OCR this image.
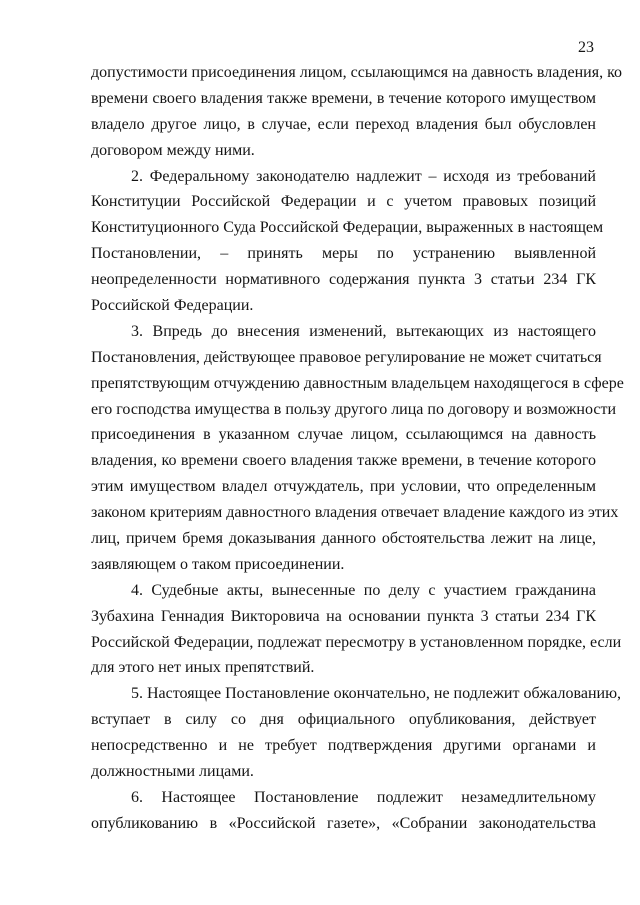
23
допустимости присоединения лицом, ссылающимся на давность владения, ко
времени своего владения также времени, в течение которого имуществом
владело другое лицо, в случае, если переход владения был обусловлен
договором между ними.
2. Федеральному законодателю надлежит – исходя из требований
Конституции Российской Федерации и с учетом правовых позиций
Конституционного Суда Российской Федерации, выраженных в настоящем
Постановлении, – принять меры по устранению выявленной
неопределенности нормативного содержания пункта 3 статьи 234 ГК
Российской Федерации.
3. Впредь до внесения изменений, вытекающих из настоящего
Постановления, действующее правовое регулирование не может считаться
препятствующим отчуждению давностным владельцем находящегося в сфере
его господства имущества в пользу другого лица по договору и возможности
присоединения в указанном случае лицом, ссылающимся на давность
владения, ко времени своего владения также времени, в течение которого
этим имуществом владел отчуждатель, при условии, что определенным
законом критериям давностного владения отвечает владение каждого из этих
лиц, причем бремя доказывания данного обстоятельства лежит на лице,
заявляющем о таком присоединении.
4. Судебные акты, вынесенные по делу с участием гражданина
Зубахина Геннадия Викторовича на основании пункта 3 статьи 234 ГК
Российской Федерации, подлежат пересмотру в установленном порядке, если
для этого нет иных препятствий.
5. Настоящее Постановление окончательно, не подлежит обжалованию,
вступает в силу со дня официального опубликования, действует
непосредственно и не требует подтверждения другими органами и
должностными лицами.
6. Настоящее Постановление подлежит незамедлительному
опубликованию в «Российской газете», «Собрании законодательства
